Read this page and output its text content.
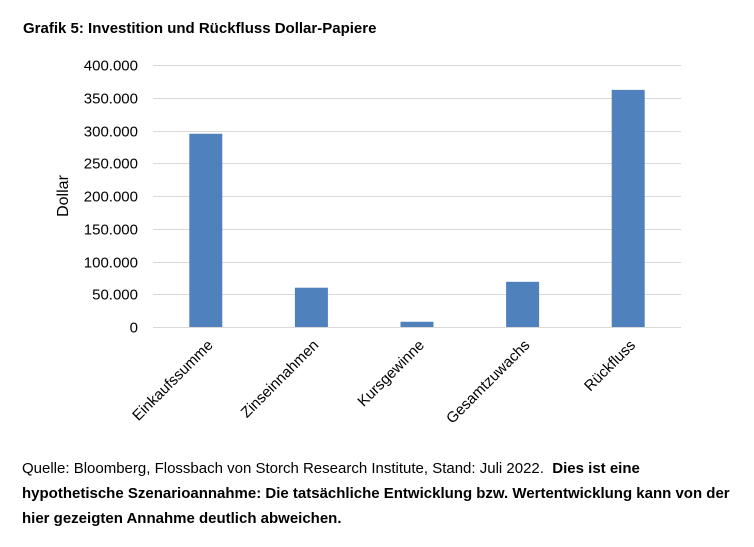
Grafik 5: Investition und Rückfluss Dollar-Papiere
0
50.000
100.000
150.000
200.000
250.000
300.000
350.000
400.000
Einkaufssumme Zinseinnahmen Kursgewinne Gesamtzuwachs	Rückfluss
Dollar
Quelle: Bloomberg, Flossbach von Storch Research Institute, Stand: Juli 2022. Dies ist eine hypothetische Szenarioannahme: Die tatsächliche Entwicklung bzw. Wertentwicklung kann von der hier gezeigten Annahme deutlich abweichen.
